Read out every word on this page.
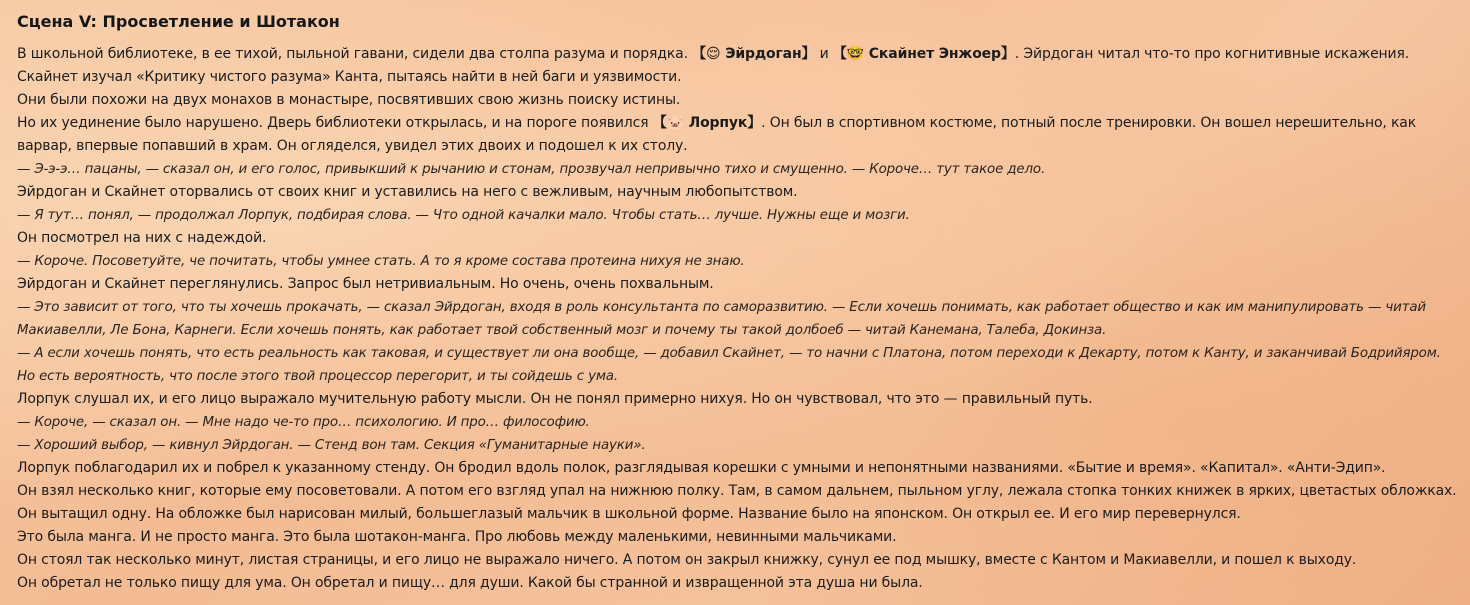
Сцена V: Просветление и Шотакон

В школьной библиотеке, в ее тихой, пыльной гавани, сидели два столпа разума и порядка. 【😌 Эйрдоган】 и 【🤓 Скайнет Энжоер】. Эйрдоган читал что-то про когнитивные искажения.

Скайнет изучал «Критику чистого разума» Канта, пытаясь найти в ней баги и уязвимости.

Они были похожи на двух монахов в монастыре, посвятивших свою жизнь поиску истины.

Но их уединение было нарушено. Дверь библиотеки открылась, и на пороге появился 【🐷 Лорпук】. Он был в спортивном костюме, потный после тренировки. Он вошел нерешительно, как варвар, впервые попавший в храм. Он огляделся, увидел этих двоих и подошел к их столу.

— Э-э-э… пацаны, — сказал он, и его голос, привыкший к рычанию и стонам, прозвучал непривычно тихо и смущенно. — Короче… тут такое дело.

Эйрдоган и Скайнет оторвались от своих книг и уставились на него с вежливым, научным любопытством.

— Я тут… понял, — продолжал Лорпук, подбирая слова. — Что одной качалки мало. Чтобы стать… лучше. Нужны еще и мозги.

Он посмотрел на них с надеждой.

— Короче. Посоветуйте, че почитать, чтобы умнее стать. А то я кроме состава протеина нихуя не знаю.

Эйрдоган и Скайнет переглянулись. Запрос был нетривиальным. Но очень, очень похвальным.

— Это зависит от того, что ты хочешь прокачать, — сказал Эйрдоган, входя в роль консультанта по саморазвитию. — Если хочешь понимать, как работает общество и как им манипулировать — читай Макиавелли, Ле Бона, Карнеги. Если хочешь понять, как работает твой собственный мозг и почему ты такой долбоеб — читай Канемана, Талеба, Докинза.

— А если хочешь понять, что есть реальность как таковая, и существует ли она вообще, — добавил Скайнет, — то начни с Платона, потом переходи к Декарту, потом к Канту, и заканчивай Бодрийяром. Но есть вероятность, что после этого твой процессор перегорит, и ты сойдешь с ума.

Лорпук слушал их, и его лицо выражало мучительную работу мысли. Он не понял примерно нихуя. Но он чувствовал, что это — правильный путь.

— Короче, — сказал он. — Мне надо че-то про… психологию. И про… философию.

— Хороший выбор, — кивнул Эйрдоган. — Стенд вон там. Секция «Гуманитарные науки».

Лорпук поблагодарил их и побрел к указанному стенду. Он бродил вдоль полок, разглядывая корешки с умными и непонятными названиями. «Бытие и время». «Капитал». «Анти-Эдип».

Он взял несколько книг, которые ему посоветовали. А потом его взгляд упал на нижнюю полку. Там, в самом дальнем, пыльном углу, лежала стопка тонких книжек в ярких, цветастых обложках. Он вытащил одну. На обложке был нарисован милый, большеглазый мальчик в школьной форме. Название было на японском. Он открыл ее. И его мир перевернулся.

Это была манга. И не просто манга. Это была шотакон-манга. Про любовь между маленькими, невинными мальчиками.

Он стоял так несколько минут, листая страницы, и его лицо не выражало ничего. А потом он закрыл книжку, сунул ее под мышку, вместе с Кантом и Макиавелли, и пошел к выходу.

Он обретал не только пищу для ума. Он обретал и пищу… для души. Какой бы странной и извращенной эта душа ни была.
